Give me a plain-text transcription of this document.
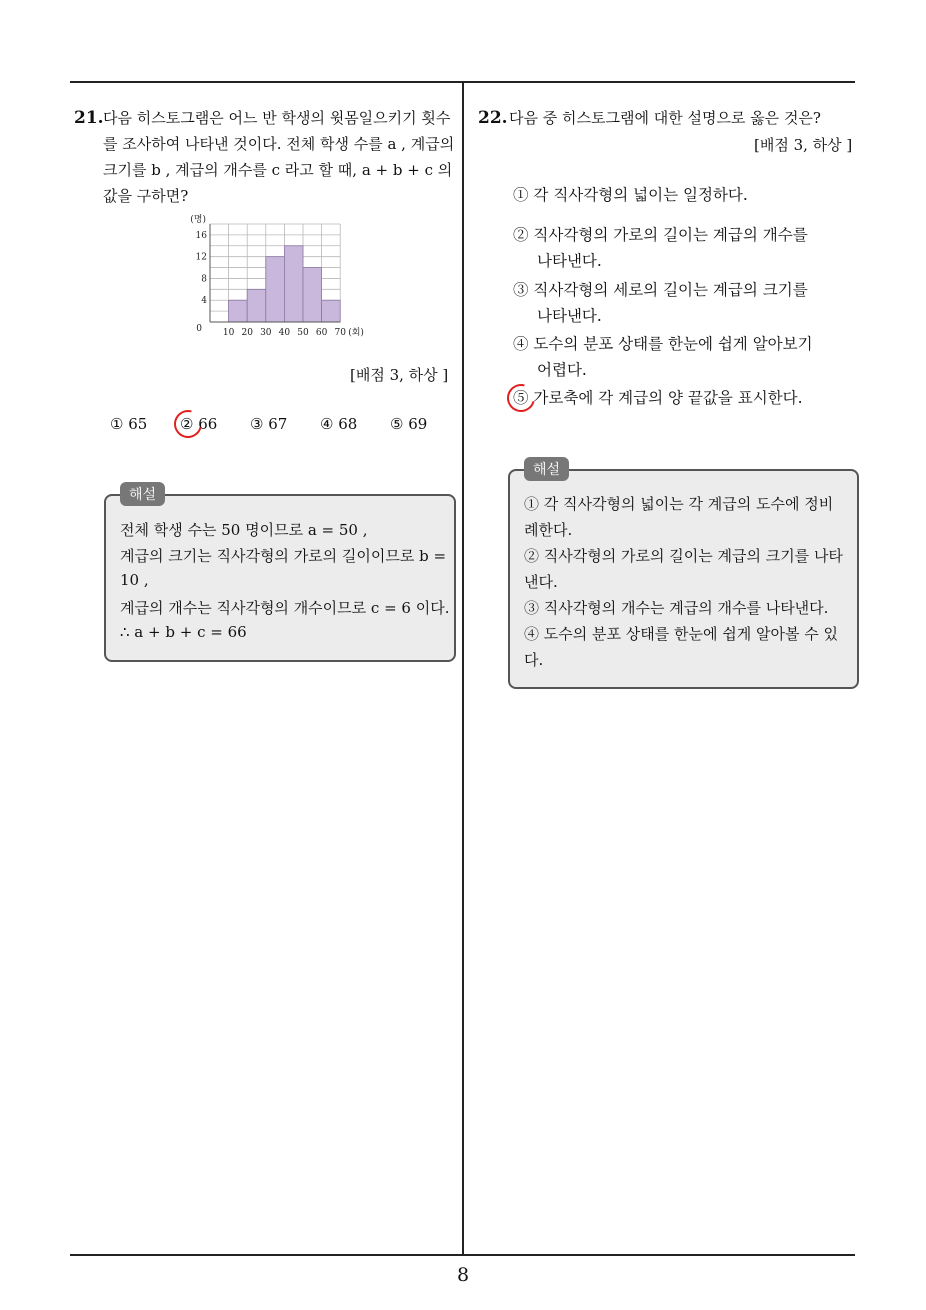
21. 다음 히스토그램은 어느 반 학생의 윗몸일으키기 횟수
를 조사하여 나타낸 것이다. 전체 학생 수를 a , 계급의
크기를 b , 계급의 개수를 c 라고 할 때, a + b + c 의
값을 구하면?
4
8
12
16
0 10 20 30 40 50 60 70
(명)
(회)
[배점 3, 하상 ]
① 65 ② 66 ③ 67 ④ 68 ⑤ 69
해설
전체 학생 수는 50 명이므로 a = 50 ,
계급의 크기는 직사각형의 가로의 길이이므로 b =
10 ,
계급의 개수는 직사각형의 개수이므로 c = 6 이다.
∴ a + b + c = 66
22. 다음 중 히스토그램에 대한 설명으로 옳은 것은?
[배점 3, 하상 ]
① 각 직사각형의 넓이는 일정하다.
② 직사각형의 가로의 길이는 계급의 개수를
나타낸다.
③ 직사각형의 세로의 길이는 계급의 크기를
나타낸다.
④ 도수의 분포 상태를 한눈에 쉽게 알아보기
어렵다.
⑤ 가로축에 각 계급의 양 끝값을 표시한다.
해설
① 각 직사각형의 넓이는 각 계급의 도수에 정비
례한다.
② 직사각형의 가로의 길이는 계급의 크기를 나타
낸다.
③ 직사각형의 개수는 계급의 개수를 나타낸다.
④ 도수의 분포 상태를 한눈에 쉽게 알아볼 수 있
다.
8
